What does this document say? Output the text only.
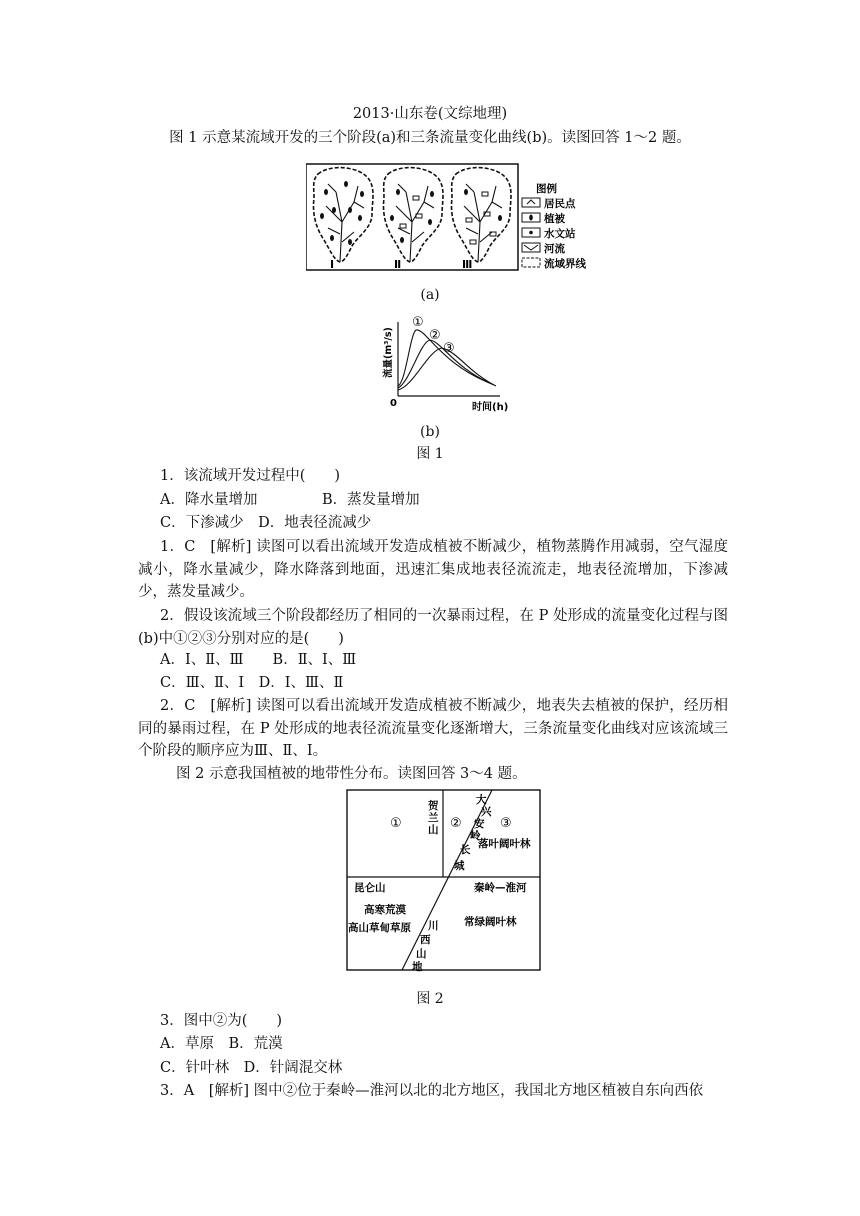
2013·山东卷(文综地理)
图 1 示意某流域开发的三个阶段(a)和三条流量变化曲线(b)。读图回答 1～2 题。
Ⅰ	Ⅱ	Ⅲ
图例
居民点
植被
水文站
河流
流域界线
(a)
①
②
③
流量(m³/s)
0	时间(h)
(b)
图 1
1．该流域开发过程中(　　)
A．降水量增加	B．蒸发量增加
C．下渗减少　D．地表径流减少
1．C　[解析] 读图可以看出流域开发造成植被不断减少，植物蒸腾作用减弱，空气湿度减小，降水量减少，降水降落到地面，迅速汇集成地表径流流走，地表径流增加，下渗减少，蒸发量减少。
2．假设该流域三个阶段都经历了相同的一次暴雨过程，在 P 处形成的流量变化过程与图(b)中①②③分别对应的是(　　)
A．Ⅰ、Ⅱ、Ⅲ　　B．Ⅱ、Ⅰ、Ⅲ
C．Ⅲ、Ⅱ、Ⅰ　D．Ⅰ、Ⅲ、Ⅱ
2．C　[解析] 读图可以看出流域开发造成植被不断减少，地表失去植被的保护，经历相同的暴雨过程，在 P 处形成的地表径流流量变化逐渐增大，三条流量变化曲线对应该流域三个阶段的顺序应为Ⅲ、Ⅱ、Ⅰ。
图 2 示意我国植被的地带性分布。读图回答 3～4 题。
①	②	③
贺
兰
山
大
兴
安
岭
长
城
落叶阔叶林
昆仑山	秦岭—淮河
高寒荒漠
高山草甸草原 川
西
山
地
常绿阔叶林
图 2
3．图中②为(　　)
A．草原　B．荒漠
C．针叶林　D．针阔混交林
3．A　[解析] 图中②位于秦岭—淮河以北的北方地区，我国北方地区植被自东向西依
